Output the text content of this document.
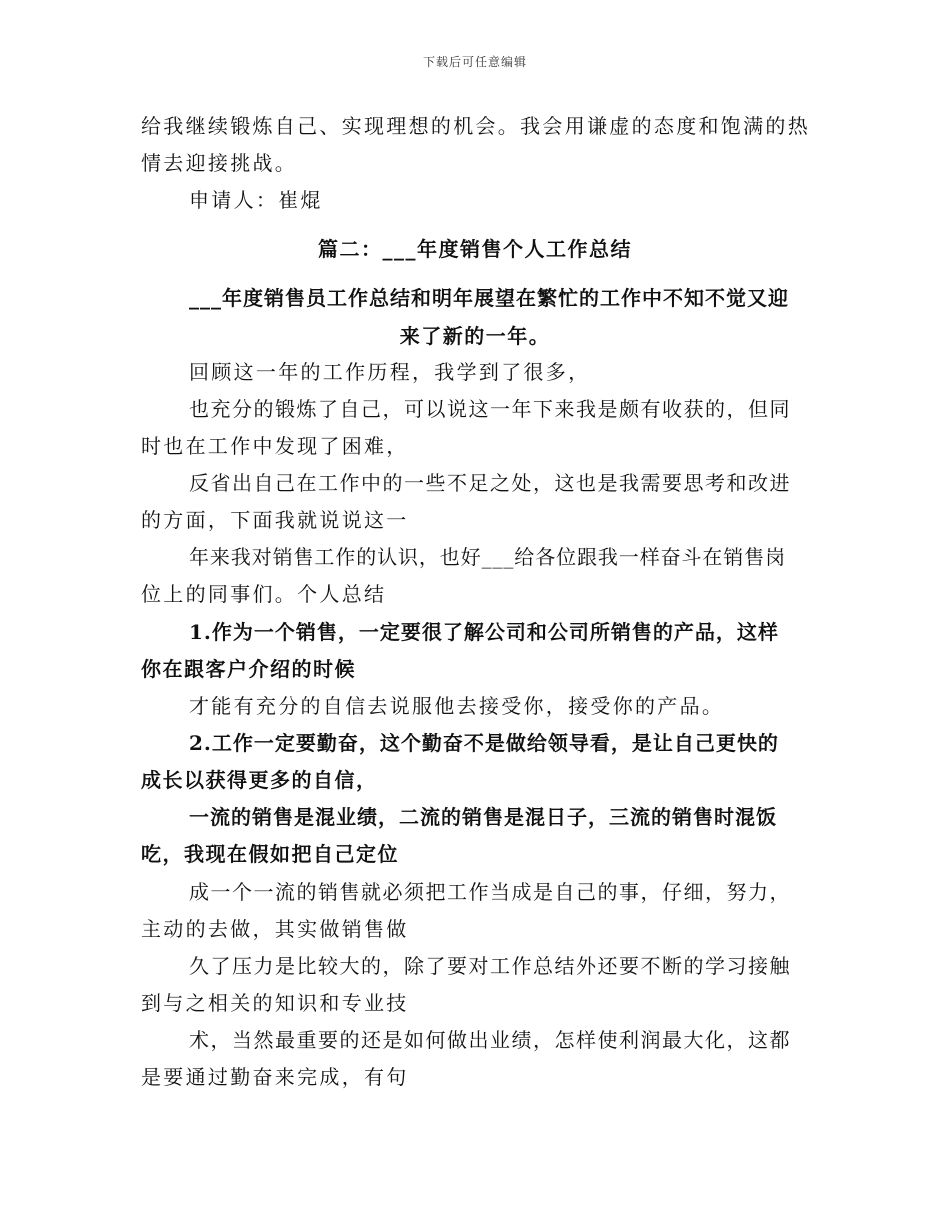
下载后可任意编辑
给我继续锻炼自己、实现理想的机会。我会用谦虚的态度和饱满的热
情去迎接挑战。
申请人：崔焜
篇二：___年度销售个人工作总结
___年度销售员工作总结和明年展望在繁忙的工作中不知不觉又迎
来了新的一年。
回顾这一年的工作历程，我学到了很多，
也充分的锻炼了自己，可以说这一年下来我是颇有收获的，但同
时也在工作中发现了困难，
反省出自己在工作中的一些不足之处，这也是我需要思考和改进
的方面，下面我就说说这一
年来我对销售工作的认识，也好___给各位跟我一样奋斗在销售岗
位上的同事们。个人总结
1.作为一个销售，一定要很了解公司和公司所销售的产品，这样
你在跟客户介绍的时候
才能有充分的自信去说服他去接受你，接受你的产品。
2.工作一定要勤奋，这个勤奋不是做给领导看，是让自己更快的
成长以获得更多的自信，
一流的销售是混业绩，二流的销售是混日子，三流的销售时混饭
吃，我现在假如把自己定位
成一个一流的销售就必须把工作当成是自己的事，仔细，努力，
主动的去做，其实做销售做
久了压力是比较大的，除了要对工作总结外还要不断的学习接触
到与之相关的知识和专业技
术，当然最重要的还是如何做出业绩，怎样使利润最大化，这都
是要通过勤奋来完成，有句
